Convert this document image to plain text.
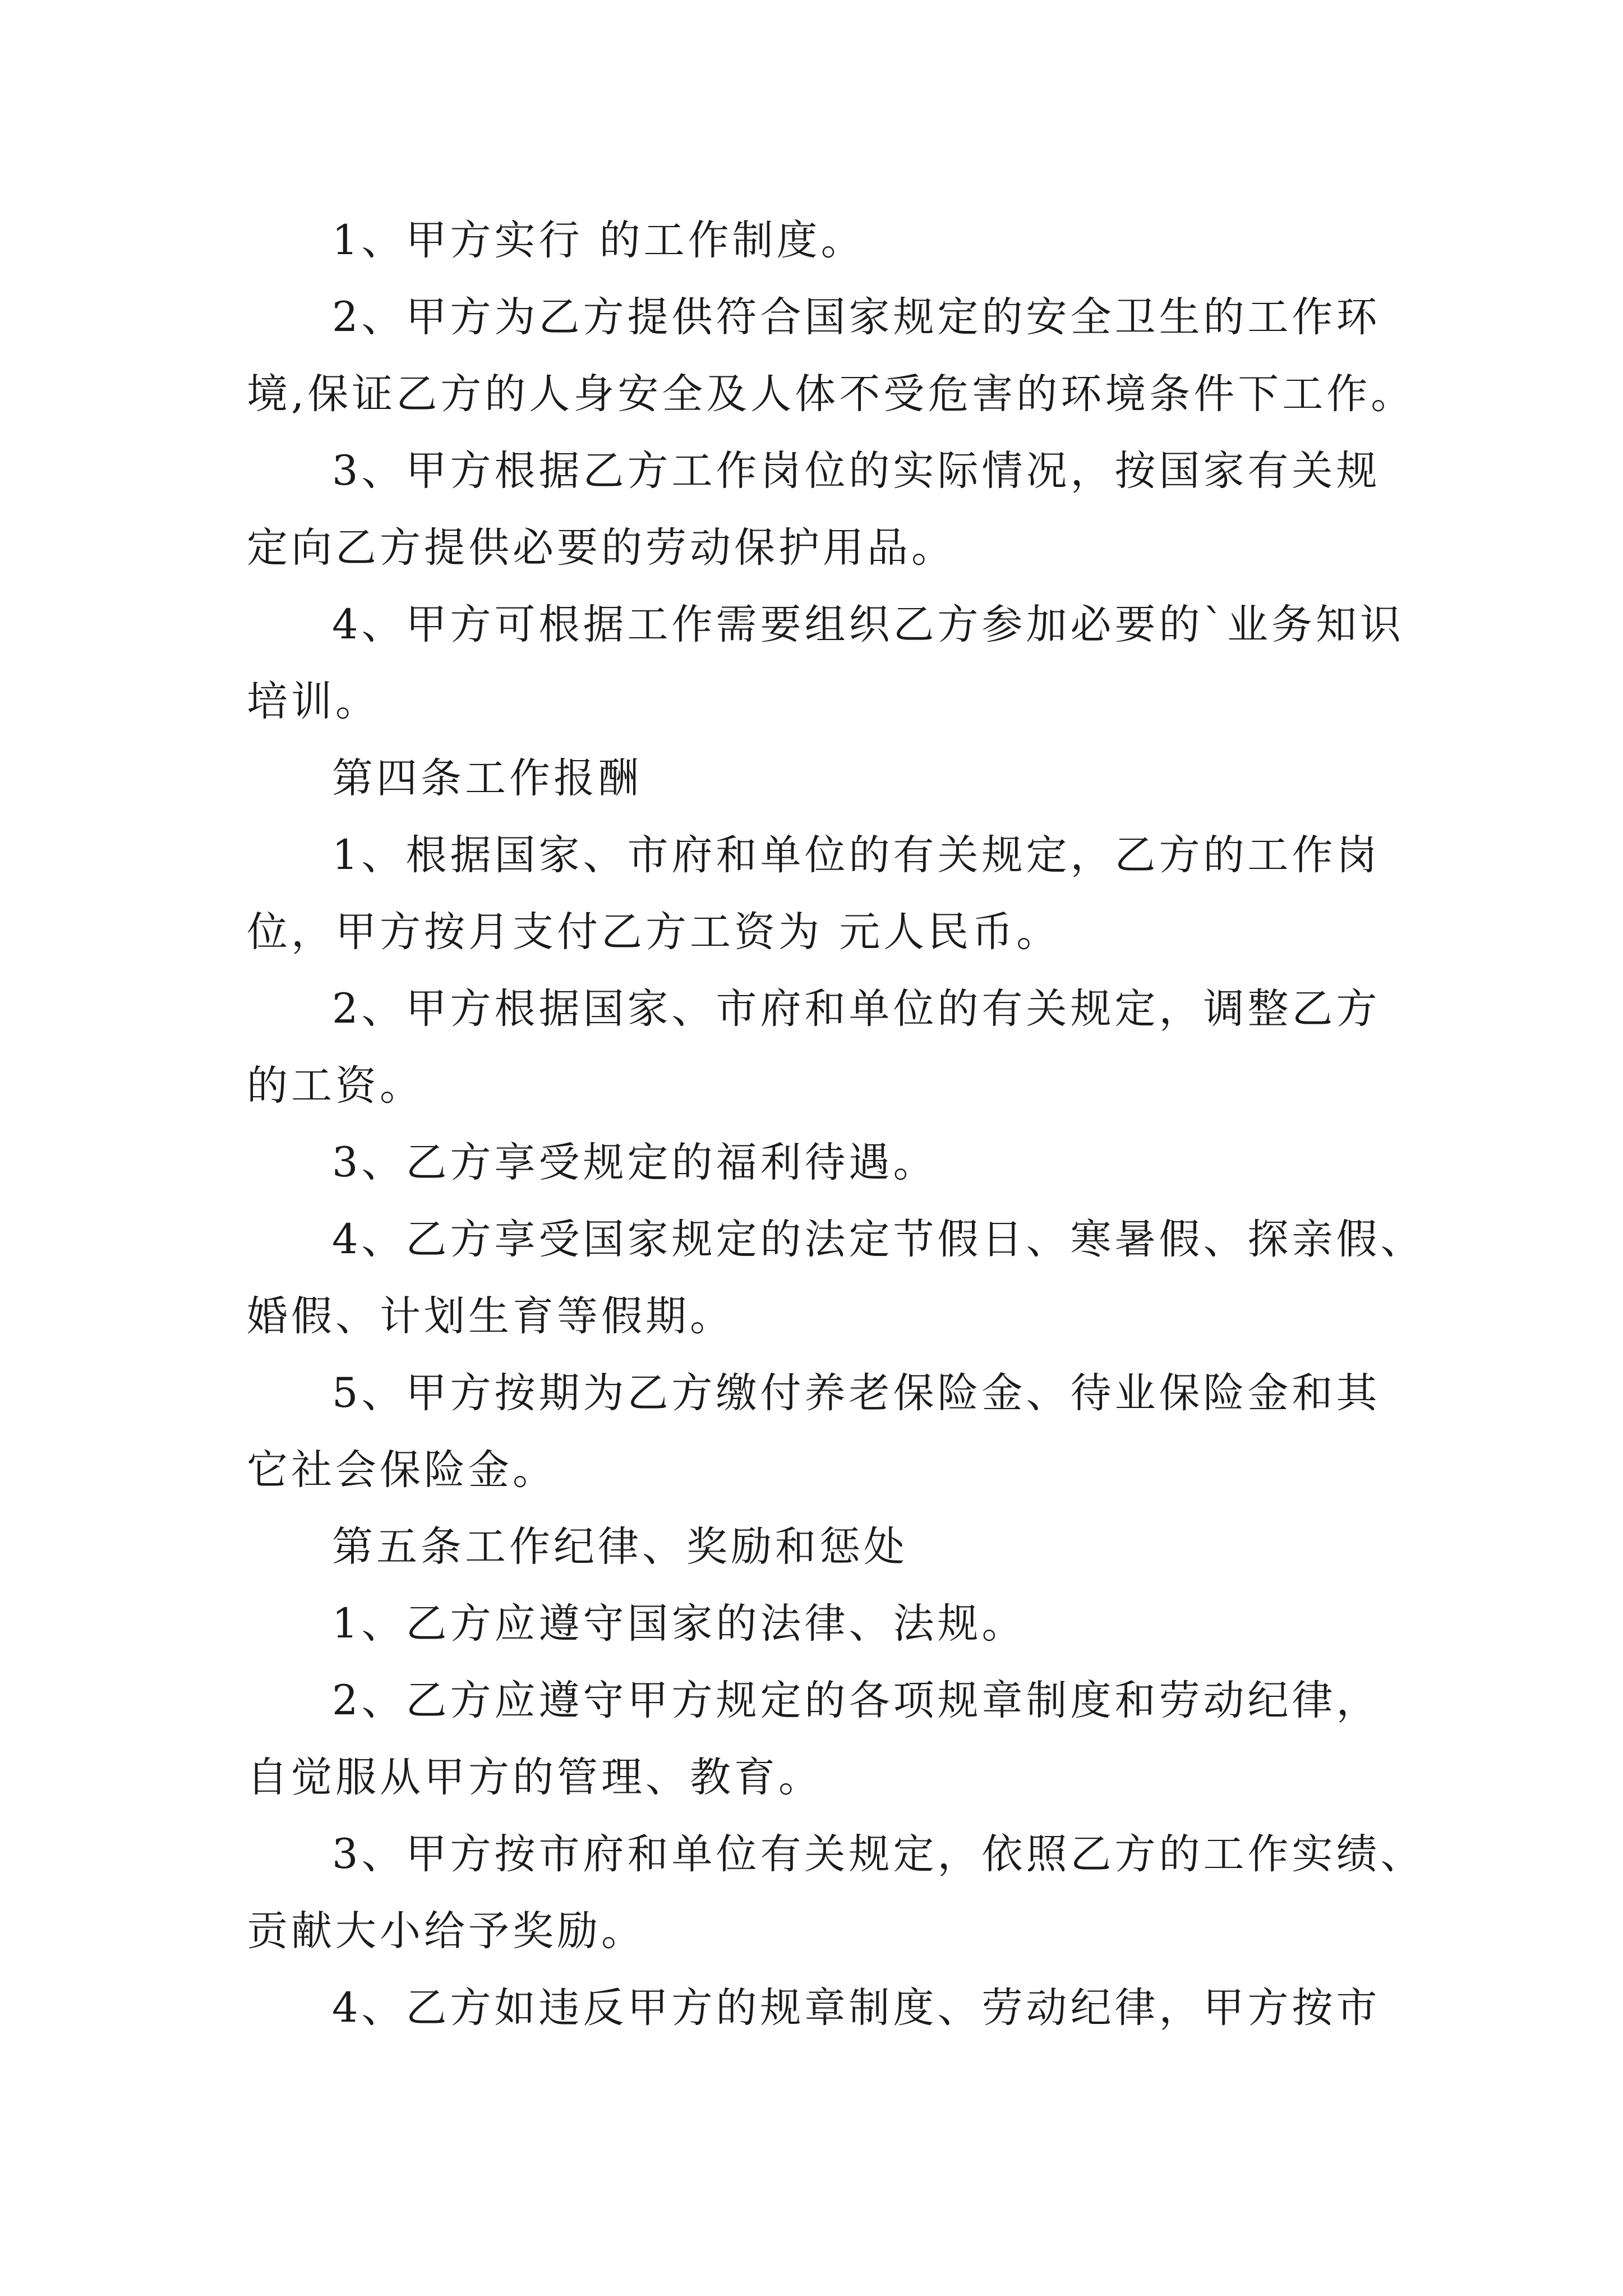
1、甲方实行 的工作制度。
2、甲方为乙方提供符合国家规定的安全卫生的工作环
境,保证乙方的人身安全及人体不受危害的环境条件下工作。
3、甲方根据乙方工作岗位的实际情况，按国家有关规
定向乙方提供必要的劳动保护用品。
4、甲方可根据工作需要组织乙方参加必要的`业务知识
培训。
第四条工作报酬
1、根据国家、市府和单位的有关规定，乙方的工作岗
位，甲方按月支付乙方工资为 元人民币。
2、甲方根据国家、市府和单位的有关规定，调整乙方
的工资。
3、乙方享受规定的福利待遇。
4、乙方享受国家规定的法定节假日、寒暑假、探亲假、
婚假、计划生育等假期。
5、甲方按期为乙方缴付养老保险金、待业保险金和其
它社会保险金。
第五条工作纪律、奖励和惩处
1、乙方应遵守国家的法律、法规。
2、乙方应遵守甲方规定的各项规章制度和劳动纪律，
自觉服从甲方的管理、教育。
3、甲方按市府和单位有关规定，依照乙方的工作实绩、
贡献大小给予奖励。
4、乙方如违反甲方的规章制度、劳动纪律，甲方按市
